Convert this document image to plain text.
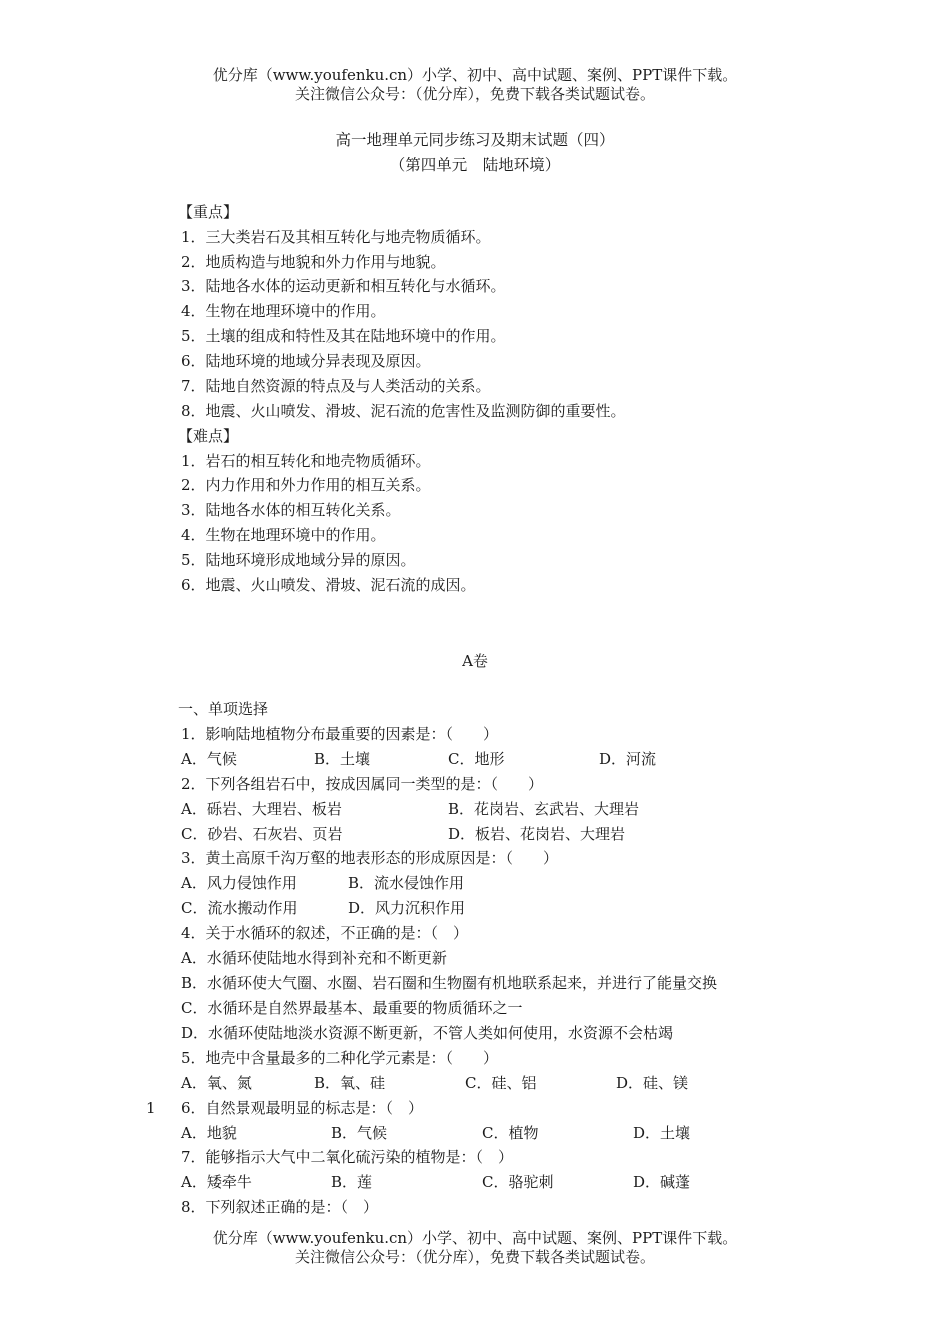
优分库（www.youfenku.cn）小学、初中、高中试题、案例、PPT课件下载。
关注微信公众号：（优分库），免费下载各类试题试卷。
高一地理单元同步练习及期末试题（四）
（第四单元　陆地环境）
【重点】
1．三大类岩石及其相互转化与地壳物质循环。
2．地质构造与地貌和外力作用与地貌。
3．陆地各水体的运动更新和相互转化与水循环。
4．生物在地理环境中的作用。
5．土壤的组成和特性及其在陆地环境中的作用。
6．陆地环境的地域分异表现及原因。
7．陆地自然资源的特点及与人类活动的关系。
8．地震、火山喷发、滑坡、泥石流的危害性及监测防御的重要性。
【难点】
1．岩石的相互转化和地壳物质循环。
2．内力作用和外力作用的相互关系。
3．陆地各水体的相互转化关系。
4．生物在地理环境中的作用。
5．陆地环境形成地域分异的原因。
6．地震、火山喷发、滑坡、泥石流的成因。
A卷
一、单项选择
1．影响陆地植物分布最重要的因素是：（　　）
A．气候	B．土壤	C．地形	D．河流
2．下列各组岩石中，按成因属同一类型的是：（　　）
A．砾岩、大理岩、板岩	B．花岗岩、玄武岩、大理岩
C．砂岩、石灰岩、页岩	D．板岩、花岗岩、大理岩
3．黄土高原千沟万壑的地表形态的形成原因是：（　　）
A．风力侵蚀作用	B．流水侵蚀作用
C．流水搬动作用	D．风力沉积作用
4．关于水循环的叙述，不正确的是：（　）
A．水循环使陆地水得到补充和不断更新
B．水循环使大气圈、水圈、岩石圈和生物圈有机地联系起来，并进行了能量交换
C．水循环是自然界最基本、最重要的物质循环之一
D．水循环使陆地淡水资源不断更新，不管人类如何使用，水资源不会枯竭
5．地壳中含量最多的二种化学元素是：（　　）
A．氧、氮	B．氧、硅	C．硅、铝	D．硅、镁
1 6．自然景观最明显的标志是：（　）
A．地貌	B．气候	C．植物	D．土壤
7．能够指示大气中二氧化硫污染的植物是：（　）
A．矮牵牛	B．莲	C．骆驼刺	D．碱蓬
8．下列叙述正确的是：（　）
优分库（www.youfenku.cn）小学、初中、高中试题、案例、PPT课件下载。
关注微信公众号：（优分库），免费下载各类试题试卷。
